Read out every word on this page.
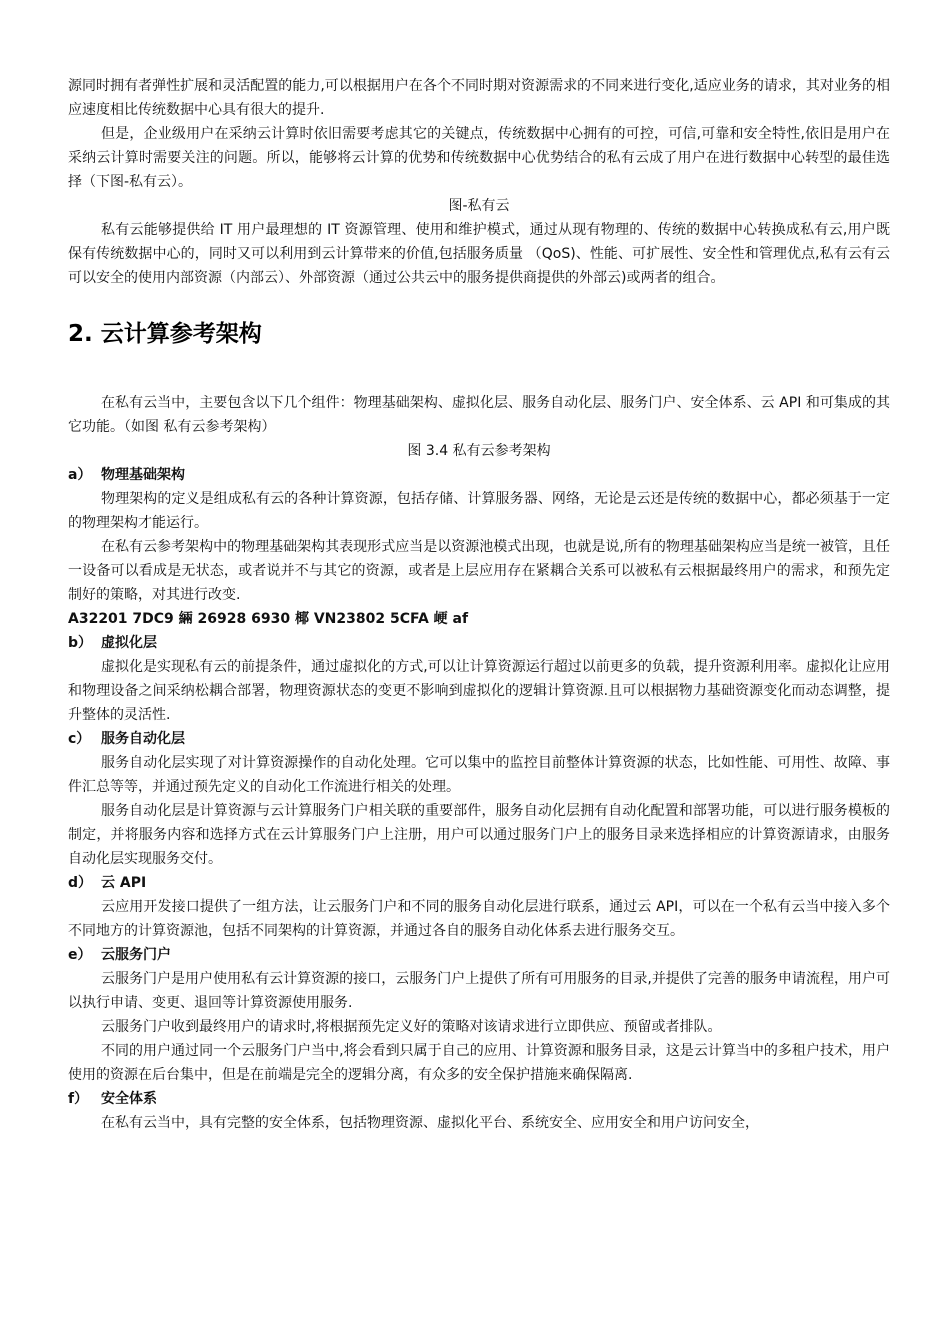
源同时拥有者弹性扩展和灵活配置的能力,可以根据用户在各个不同时期对资源需求的不同来进行变化,适应业务的请求，其对业务的相应速度相比传统数据中心具有很大的提升.

但是，企业级用户在采纳云计算时依旧需要考虑其它的关键点，传统数据中心拥有的可控，可信,可靠和安全特性,依旧是用户在采纳云计算时需要关注的问题。所以，能够将云计算的优势和传统数据中心优势结合的私有云成了用户在进行数据中心转型的最佳选择（下图-私有云）。

图-私有云

私有云能够提供给 IT 用户最理想的 IT 资源管理、使用和维护模式，通过从现有物理的、传统的数据中心转换成私有云,用户既保有传统数据中心的，同时又可以利用到云计算带来的价值,包括服务质量 （QoS)、性能、可扩展性、安全性和管理优点,私有云有云可以安全的使用内部资源（内部云）、外部资源（通过公共云中的服务提供商提供的外部云)或两者的组合。

2. 云计算参考架构

在私有云当中，主要包含以下几个组件：物理基础架构、虚拟化层、服务自动化层、服务门户、安全体系、云 API 和可集成的其它功能。（如图 私有云参考架构）

图 3.4 私有云参考架构

a） 物理基础架构

物理架构的定义是组成私有云的各种计算资源，包括存储、计算服务器、网络，无论是云还是传统的数据中心，都必须基于一定的物理架构才能运行。

在私有云参考架构中的物理基础架构其表现形式应当是以资源池模式出现，也就是说,所有的物理基础架构应当是统一被管，且任一设备可以看成是无状态，或者说并不与其它的资源，或者是上层应用存在紧耦合关系可以被私有云根据最终用户的需求，和预先定制好的策略，对其进行改变.

A32201 7DC9 緉 26928 6930 椰 VN23802 5CFA 峺 af

b） 虚拟化层

虚拟化是实现私有云的前提条件，通过虚拟化的方式,可以让计算资源运行超过以前更多的负载，提升资源利用率。虚拟化让应用和物理设备之间采纳松耦合部署，物理资源状态的变更不影响到虚拟化的逻辑计算资源.且可以根据物力基础资源变化而动态调整，提升整体的灵活性.

c） 服务自动化层

服务自动化层实现了对计算资源操作的自动化处理。它可以集中的监控目前整体计算资源的状态，比如性能、可用性、故障、事件汇总等等，并通过预先定义的自动化工作流进行相关的处理。

服务自动化层是计算资源与云计算服务门户相关联的重要部件，服务自动化层拥有自动化配置和部署功能，可以进行服务模板的制定，并将服务内容和选择方式在云计算服务门户上注册，用户可以通过服务门户上的服务目录来选择相应的计算资源请求，由服务自动化层实现服务交付。

d） 云 API

云应用开发接口提供了一组方法，让云服务门户和不同的服务自动化层进行联系，通过云 API，可以在一个私有云当中接入多个不同地方的计算资源池，包括不同架构的计算资源，并通过各自的服务自动化体系去进行服务交互。

e） 云服务门户

云服务门户是用户使用私有云计算资源的接口，云服务门户上提供了所有可用服务的目录,并提供了完善的服务申请流程，用户可以执行申请、变更、退回等计算资源使用服务.

云服务门户收到最终用户的请求时,将根据预先定义好的策略对该请求进行立即供应、预留或者排队。

不同的用户通过同一个云服务门户当中,将会看到只属于自己的应用、计算资源和服务目录，这是云计算当中的多租户技术，用户使用的资源在后台集中，但是在前端是完全的逻辑分离，有众多的安全保护措施来确保隔离.

f） 安全体系

在私有云当中，具有完整的安全体系，包括物理资源、虚拟化平台、系统安全、应用安全和用户访问安全，
